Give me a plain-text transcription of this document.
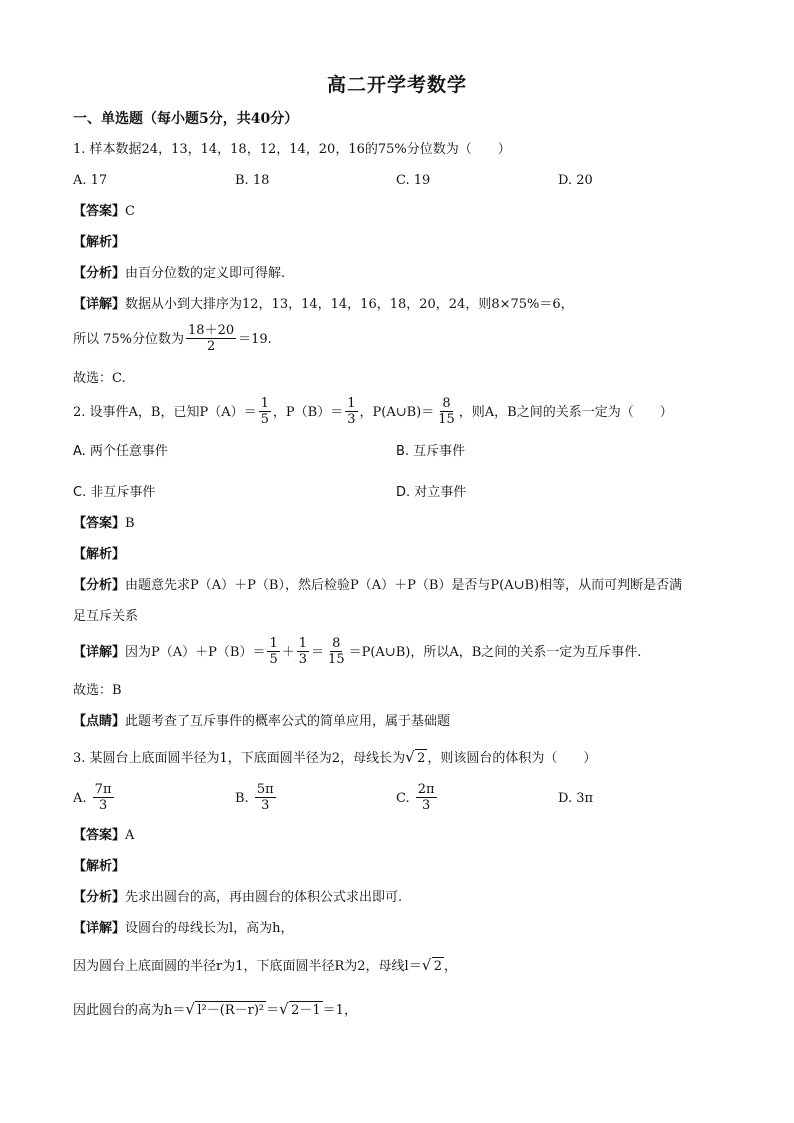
高二开学考数学
一、单选题（每小题5分，共40分）
1. 样本数据24，13，14，18，12，14，20，16的75%分位数为（　　）
A. 17	B. 18	C. 19	D. 20
【答案】C
【解析】
【分析】由百分位数的定义即可得解.
【详解】数据从小到大排序为12，13，14，14，16，18，20，24，则8×75%＝6，
所以 75%分位数为 $\frac{18+20}{2} =19$.
故选：C.
2. 设事件A，B，已知$P(A)= \frac{1}{5}$ ，$P(B)= \frac{1}{3}$ ，P(A∪B)＝ $\frac{8}{15}$ ，则A，B之间的关系一定为（　　）
A. 两个任意事件	B. 互斥事件
C. 非互斥事件	D. 对立事件
【答案】B
【解析】
【分析】由题意先求P（A）＋P（B），然后检验P（A）＋P（B）是否与P(A∪B)相等，从而可判断是否满
足互斥关系
【详解】因为$P(A)+P(B)= \frac{1}{5} + \frac{1}{3} = \frac{8}{15}$ ＝P(A∪B)，所以A，B之间的关系一定为互斥事件.
故选：B
【点睛】此题考查了互斥事件的概率公式的简单应用，属于基础题
3. 某圆台上底面圆半径为1，下底面圆半径为2，母线长为 √ 2 ，则该圆台的体积为（　　）
A. $\frac{7\pi}{3}$	B. $\frac{5\pi}{3}$	C. $\frac{2\pi}{3}$	D. 3π
【答案】A
【解析】
【分析】先求出圆台的高，再由圆台的体积公式求出即可.
【详解】设圆台的母线长为l，高为h，
因为圆台上底面圆的半径r为1，下底面圆半径R为2，母线l＝ √ 2 ，
因此圆台的高为h＝ √ l²－(R－r)² ＝ √ 2－1 ＝1，
